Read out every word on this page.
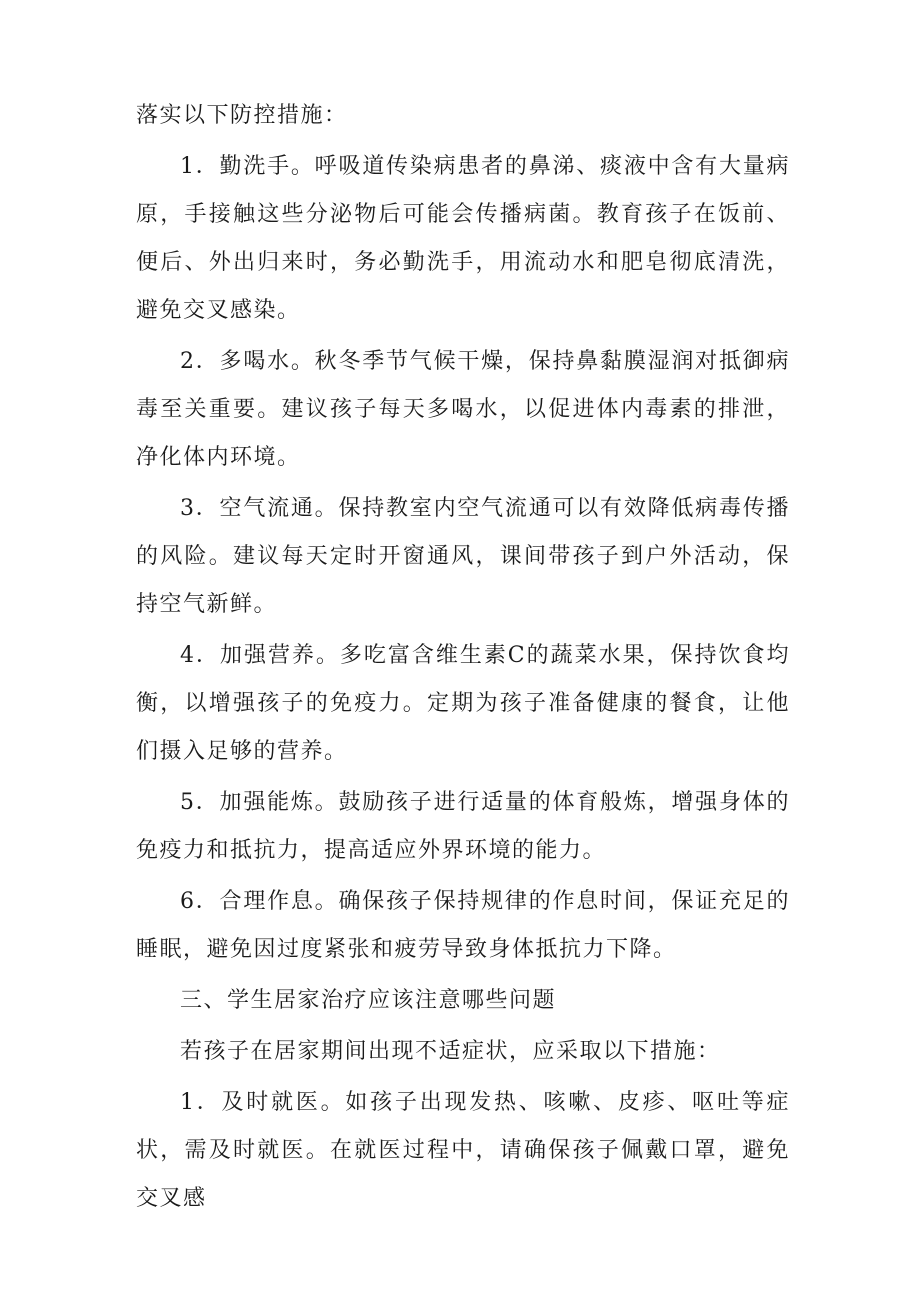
落实以下防控措施：

1．勤洗手。呼吸道传染病患者的鼻涕、痰液中含有大量病原，手接触这些分泌物后可能会传播病菌。教育孩子在饭前、便后、外出归来时，务必勤洗手，用流动水和肥皂彻底清洗，避免交叉感染。

2．多喝水。秋冬季节气候干燥，保持鼻黏膜湿润对抵御病毒至关重要。建议孩子每天多喝水，以促进体内毒素的排泄，净化体内环境。

3．空气流通。保持教室内空气流通可以有效降低病毒传播的风险。建议每天定时开窗通风，课间带孩子到户外活动，保持空气新鲜。

4．加强营养。多吃富含维生素C的蔬菜水果，保持饮食均衡，以增强孩子的免疫力。定期为孩子准备健康的餐食，让他们摄入足够的营养。

5．加强能炼。鼓励孩子进行适量的体育般炼，增强身体的免疫力和抵抗力，提高适应外界环境的能力。

6．合理作息。确保孩子保持规律的作息时间，保证充足的睡眠，避免因过度紧张和疲劳导致身体抵抗力下降。

三、学生居家治疗应该注意哪些问题

若孩子在居家期间出现不适症状，应采取以下措施：

1．及时就医。如孩子出现发热、咳嗽、皮疹、呕吐等症状，需及时就医。在就医过程中，请确保孩子佩戴口罩，避免交叉感
